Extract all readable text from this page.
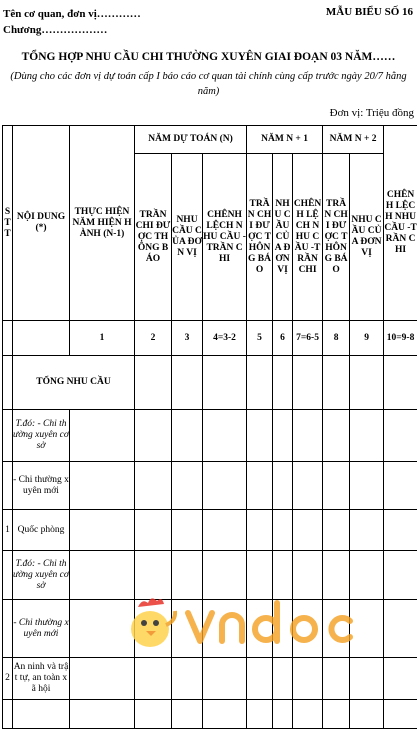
Tên cơ quan, đơn vị…………
Chương………………
MẪU BIỂU SỐ 16
TỔNG HỢP NHU CẦU CHI THƯỜNG XUYÊN GIAI ĐOẠN 03 NĂM……
(Dùng cho các đơn vị dự toán cấp I báo cáo cơ quan tài chính cùng cấp trước ngày 20/7 hằng năm)
Đơn vị: Triệu đồng
STT	NỘI DUNG (*)	THỰC HIỆN NĂM HIỆN HÀNH (N-1)	NĂM DỰ TOÁN (N)			NĂM N + 1			NĂM N + 2		CHÊNH LỆCH NHU CẦU -TRẦN CHI
			TRẦN CHI ĐƯỢC THÔNG BÁO	NHU CẦU CỦA ĐƠN VỊ	CHÊNH LỆCH NHU CẦU -TRẦN CHI	TRẦN CHI ĐƯỢC THÔNG BÁO	NHU CẦU CỦA ĐƠN VỊ	CHÊNH LỆCH NHU CẦU -TRẦN CHI	TRẦN CHI ĐƯỢC THÔNG BÁO	NHU CẦU CỦA ĐƠN VỊ	
		1	2	3	4=3-2	5	6	7=6-5	8	9	10=9-8
	TỔNG NHU CẦU										
	T.đó: - Chi thường xuyên cơ sở										
	- Chi thường xuyên mới										
1	Quốc phòng										
	T.đó: - Chi thường xuyên cơ sở										
	- Chi thường xuyên mới										
2	An ninh và trật tự, an toàn xã hội										
